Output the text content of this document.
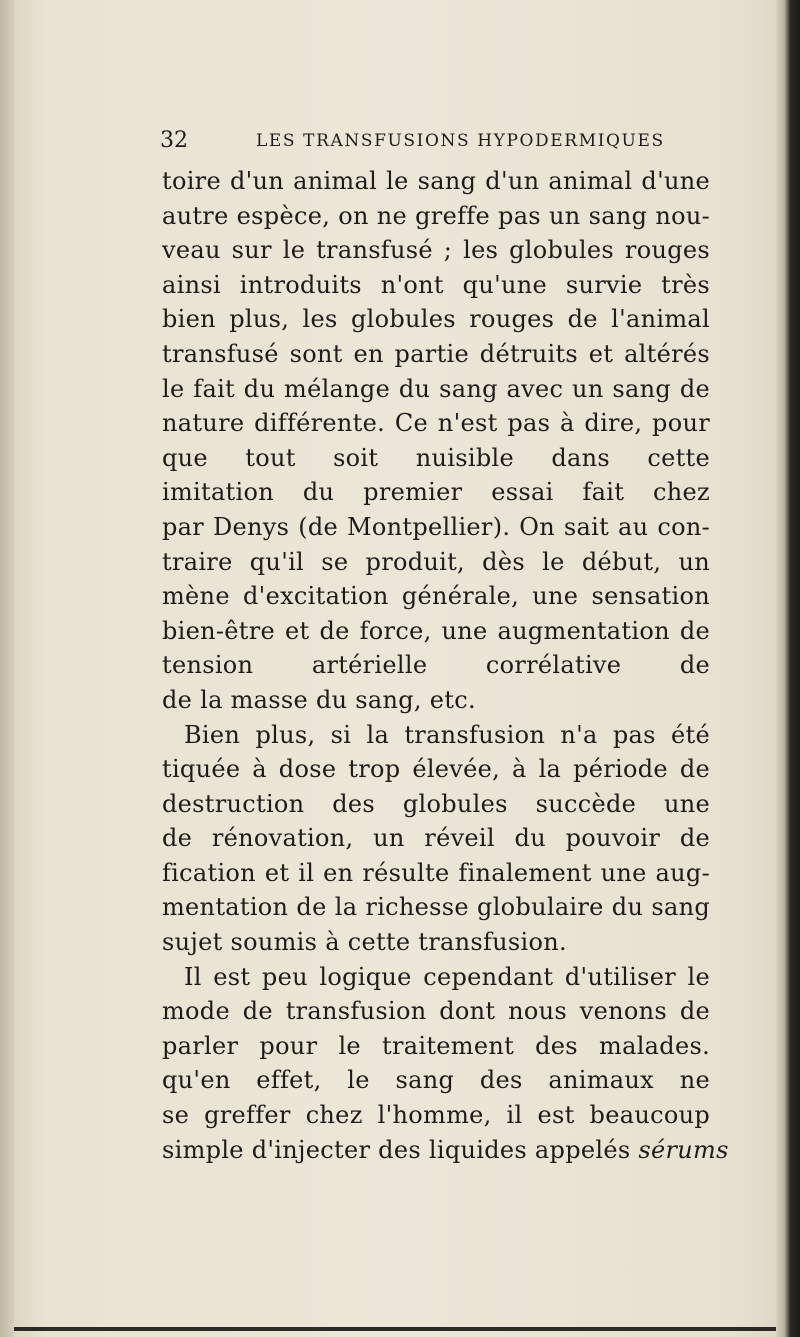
32	LES TRANSFUSIONS HYPODERMIQUES
toire d'un animal le sang d'un animal d'une
autre espèce, on ne greffe pas un sang nou-
veau sur le transfusé ; les globules rouges
ainsi introduits n'ont qu'une survie très
bien plus, les globules rouges de l'animal
transfusé sont en partie détruits et altérés
le fait du mélange du sang avec un sang de
nature différente. Ce n'est pas à dire, pour
que tout soit nuisible dans cette
imitation du premier essai fait chez
par Denys (de Montpellier). On sait au con-
traire qu'il se produit, dès le début, un
mène d'excitation générale, une sensation
bien-être et de force, une augmentation de
tension artérielle corrélative de
de la masse du sang, etc.
Bien plus, si la transfusion n'a pas été
tiquée à dose trop élevée, à la période de
destruction des globules succède une
de rénovation, un réveil du pouvoir de
fication et il en résulte finalement une aug-
mentation de la richesse globulaire du sang
sujet soumis à cette transfusion.
Il est peu logique cependant d'utiliser le
mode de transfusion dont nous venons de
parler pour le traitement des malades.
qu'en effet, le sang des animaux ne
se greffer chez l'homme, il est beaucoup
simple d'injecter des liquides appelés sérums
